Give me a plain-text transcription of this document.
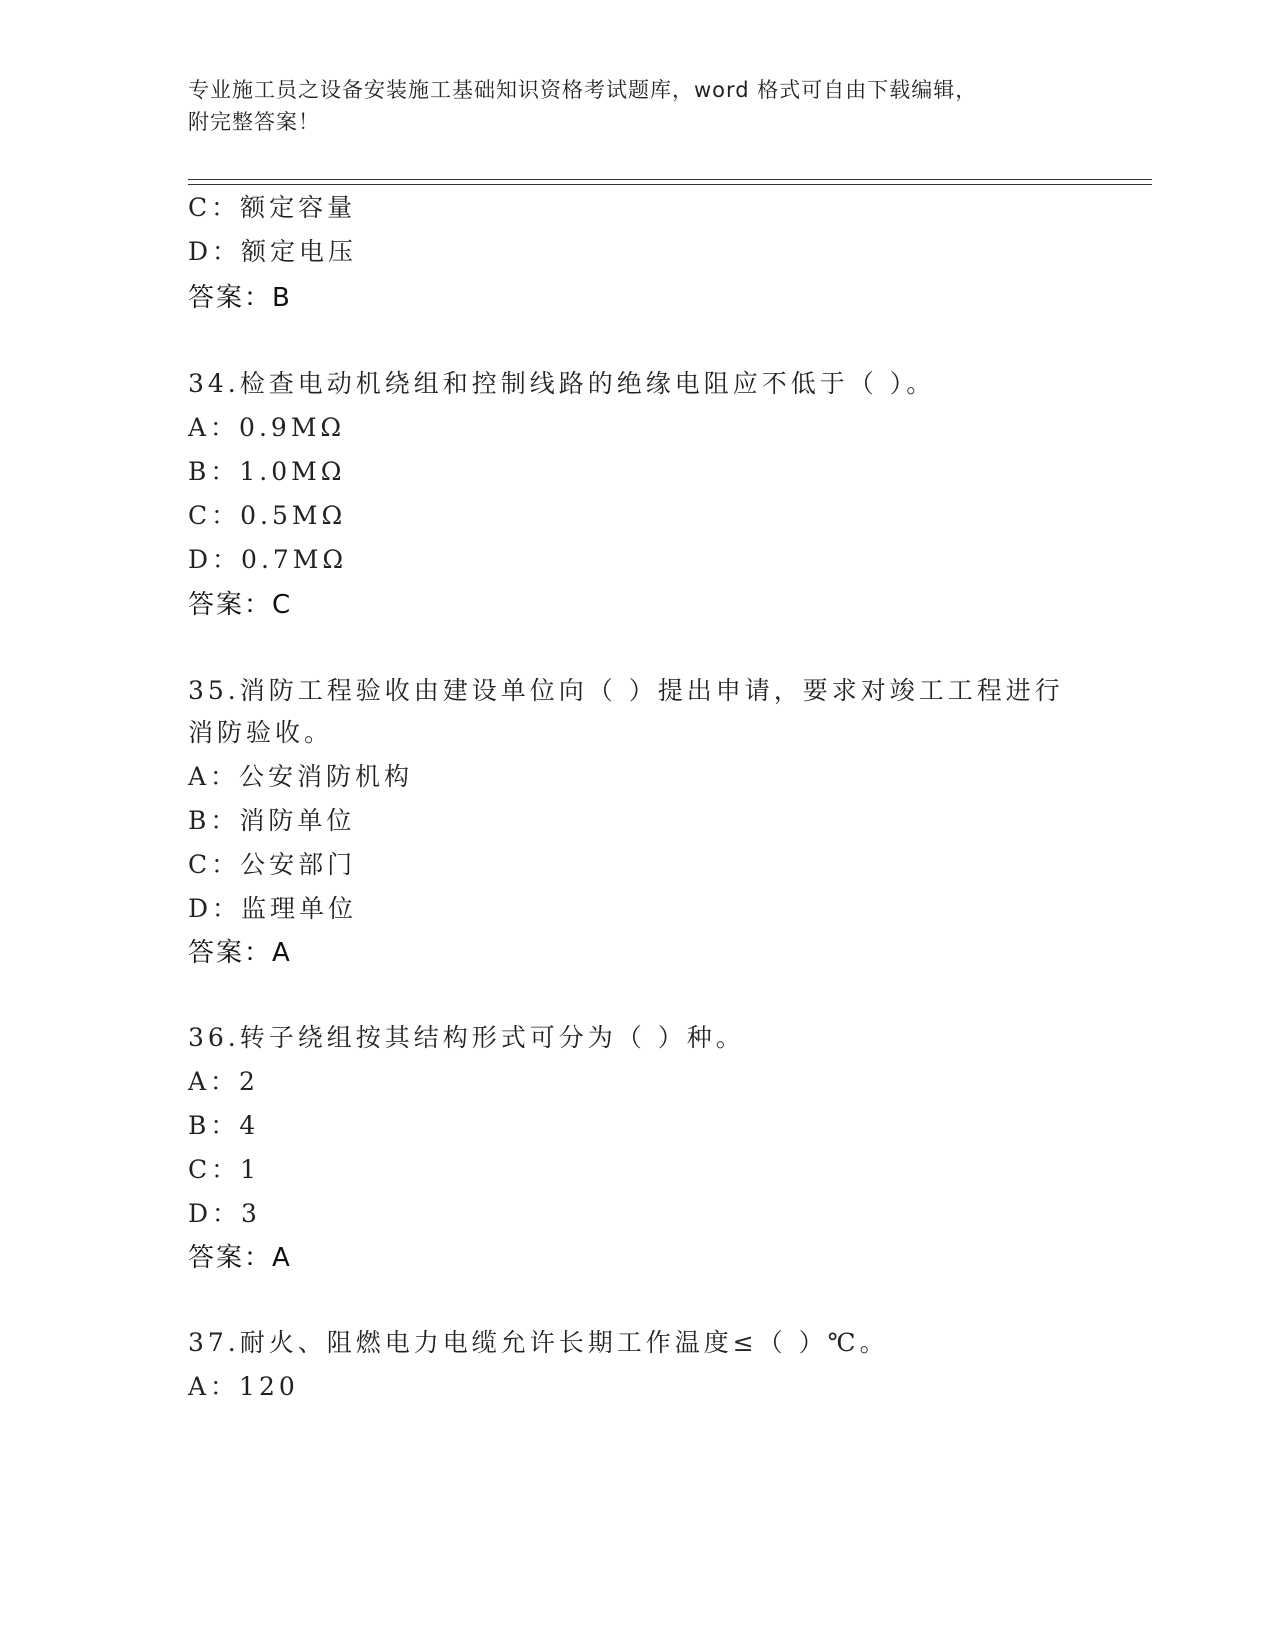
专业施工员之设备安装施工基础知识资格考试题库，word 格式可自由下载编辑，
附完整答案！
C：额定容量
D：额定电压
答案：B
34.检查电动机绕组和控制线路的绝缘电阻应不低于（ ）。
A：0.9MΩ
B：1.0MΩ
C：0.5MΩ
D：0.7MΩ
答案：C
35.消防工程验收由建设单位向（ ）提出申请，要求对竣工工程进行
消防验收。
A：公安消防机构
B：消防单位
C：公安部门
D：监理单位
答案：A
36.转子绕组按其结构形式可分为（ ）种。
A：2
B：4
C：1
D：3
答案：A
37.耐火、阻燃电力电缆允许长期工作温度≤（ ）℃。
A：120
